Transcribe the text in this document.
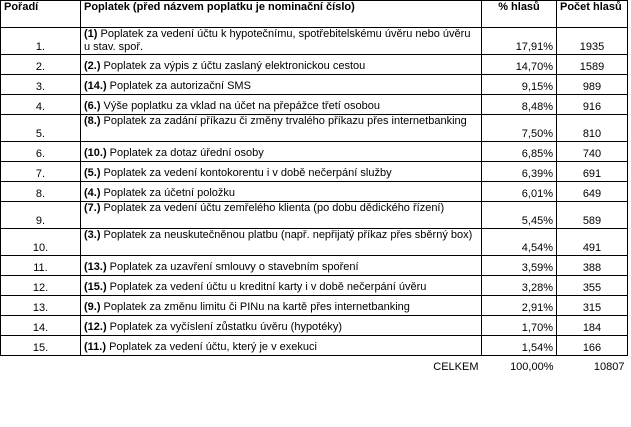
Pořadí	Poplatek (před názvem poplatku je nominační číslo)	% hlasů	Počet hlasů
1.	(1) Poplatek za vedení účtu k hypotečnímu, spotřebitelskému úvěru nebo úvěru u stav. spoř.	17,91%	1935
2.	(2.) Poplatek za výpis z účtu zaslaný elektronickou cestou	14,70%	1589
3.	(14.) Poplatek za autorizační SMS	9,15%	989
4.	(6.) Výše poplatku za vklad na účet na přepážce třetí osobou	8,48%	916
5.	(8.) Poplatek za zadání příkazu či změny trvalého příkazu přes internetbanking	7,50%	810
6.	(10.) Poplatek za dotaz úřední osoby	6,85%	740
7.	(5.) Poplatek za vedení kontokorentu i v době nečerpání služby	6,39%	691
8.	(4.) Poplatek za účetní položku	6,01%	649
9.	(7.) Poplatek za vedení účtu zemřelého klienta (po dobu dědického řízení)	5,45%	589
10.	(3.) Poplatek za neuskutečněnou platbu (např. nepřijatý příkaz přes sběrný box)	4,54%	491
11.	(13.) Poplatek za uzavření smlouvy o stavebním spoření	3,59%	388
12.	(15.) Poplatek za vedení účtu u kreditní karty i v době nečerpání úvěru	3,28%	355
13.	(9.) Poplatek za změnu limitu či PINu na kartě přes internetbanking	2,91%	315
14.	(12.) Poplatek za vyčíslení zůstatku úvěru (hypotéky)	1,70%	184
15.	(11.) Poplatek za vedení účtu, který je v exekuci	1,54%	166
	CELKEM	100,00%	10807
